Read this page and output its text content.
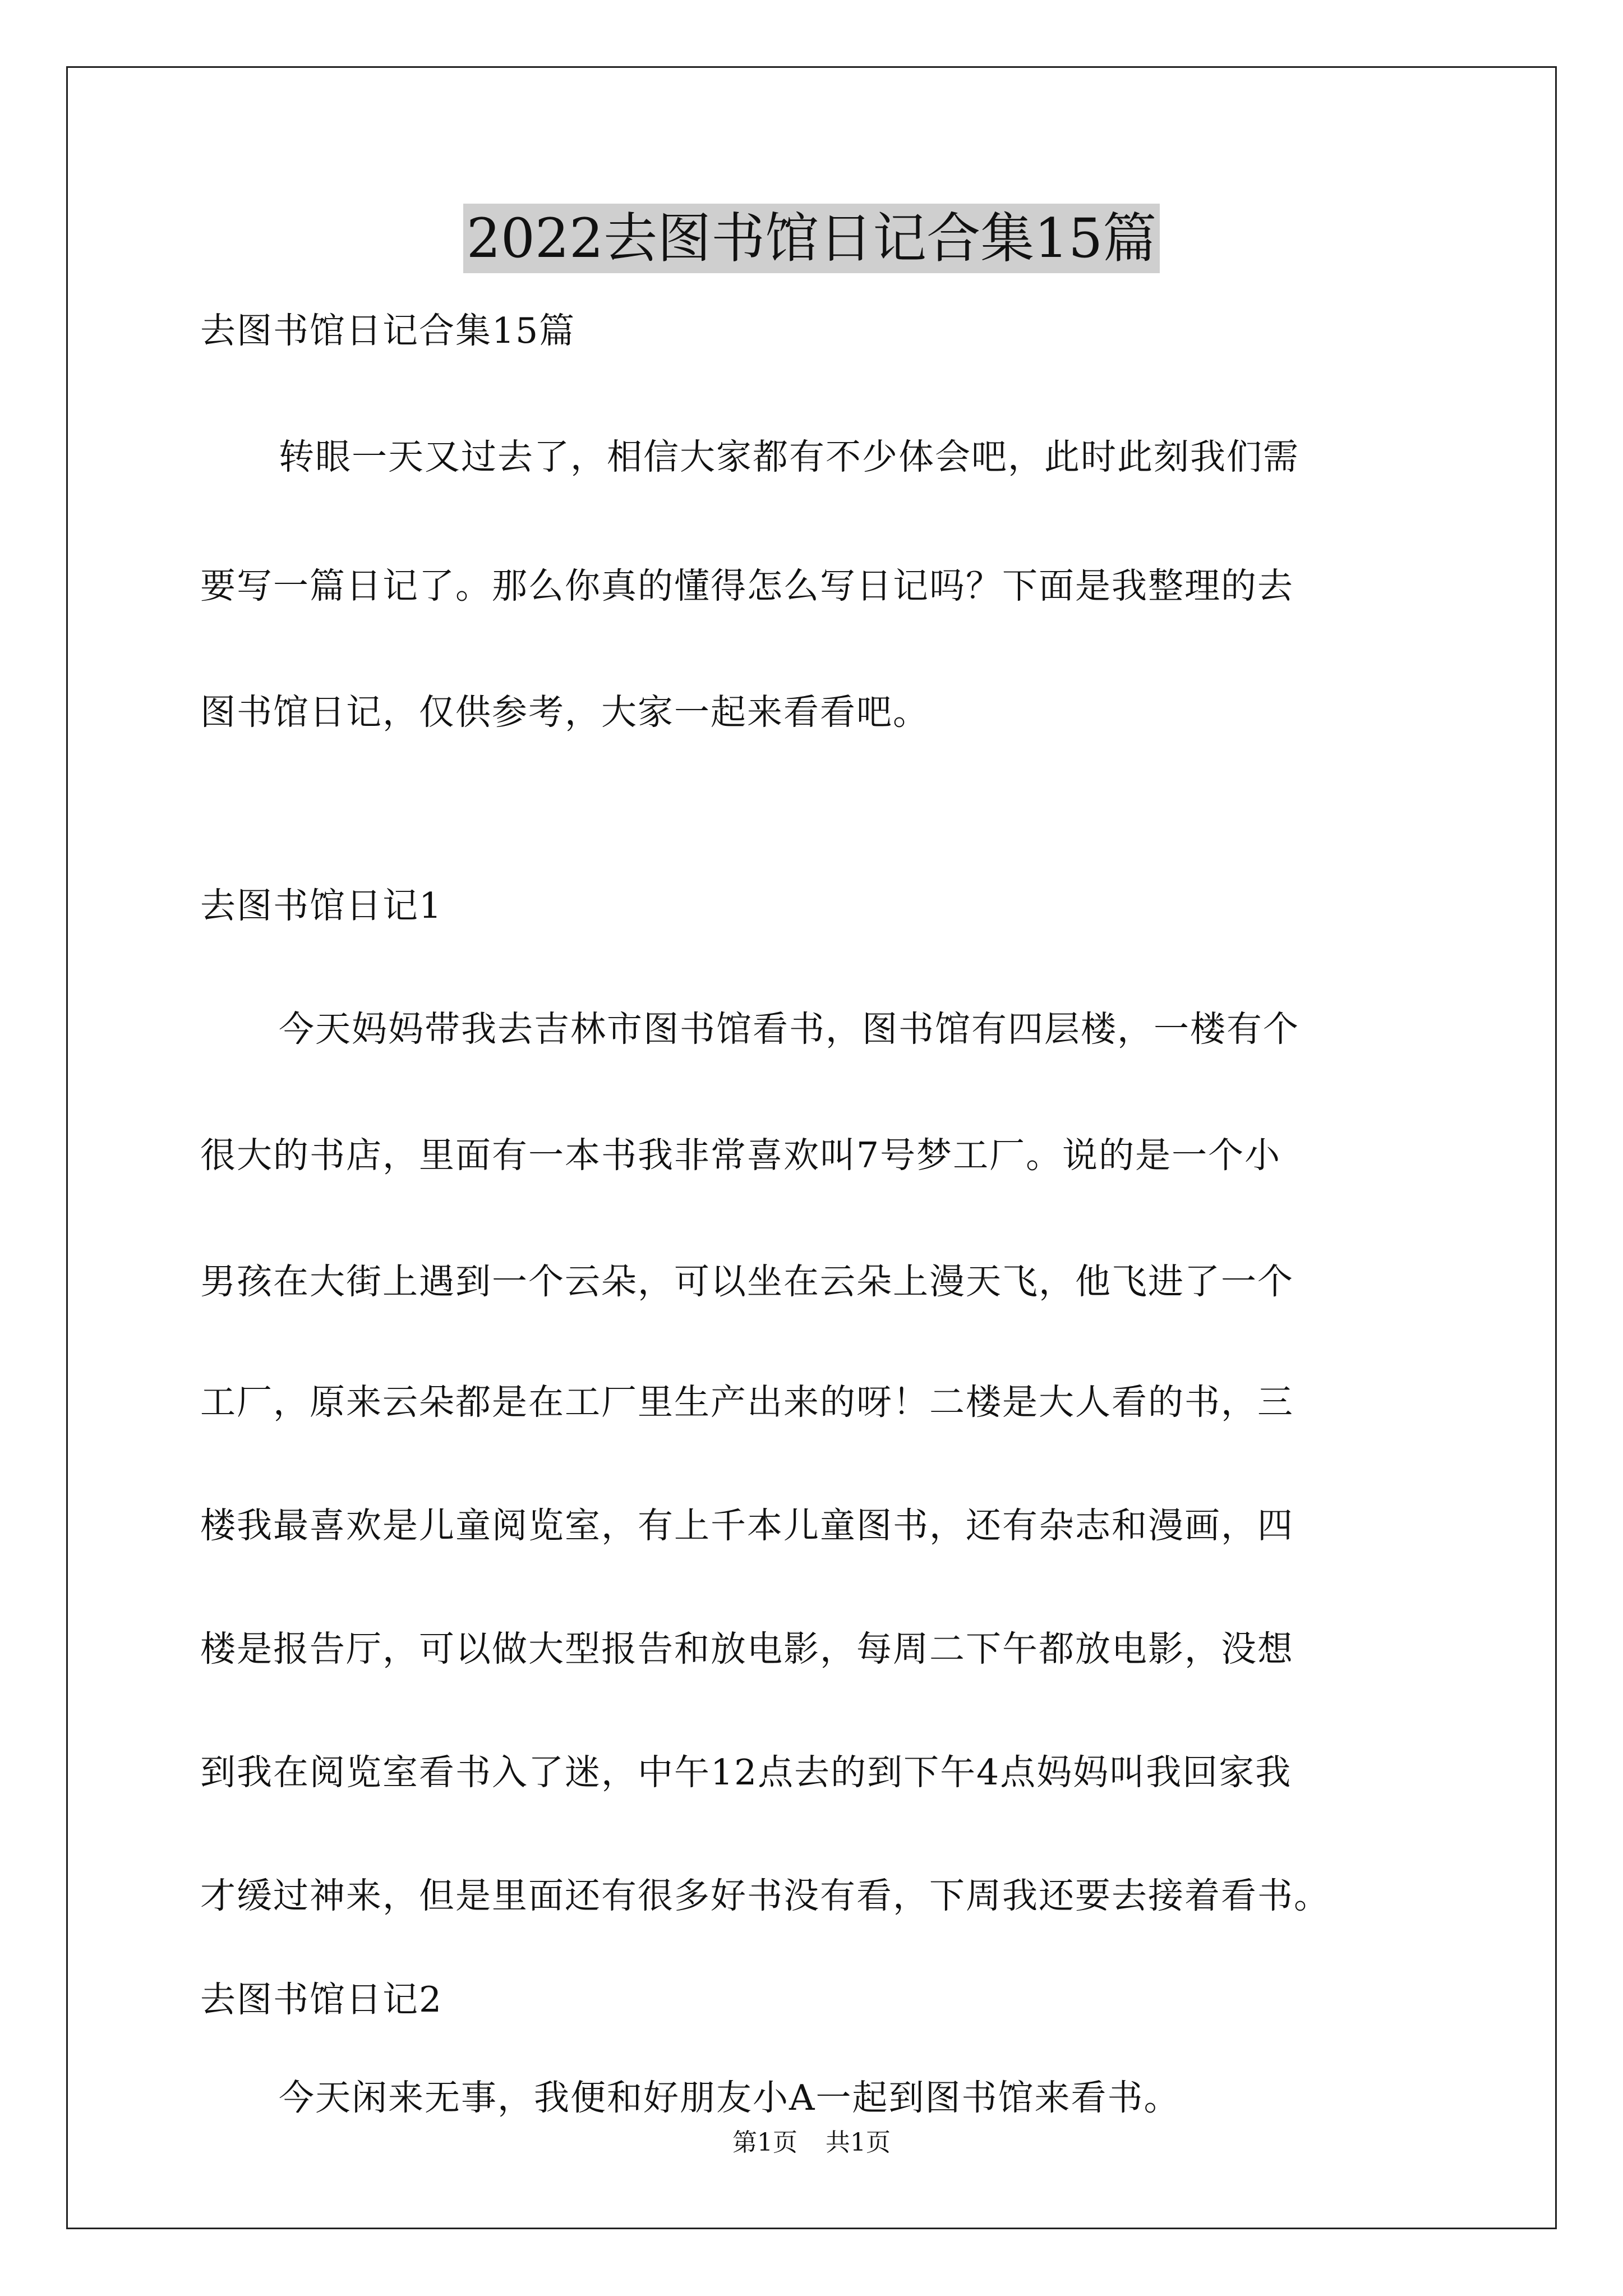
2022去图书馆日记合集15篇

去图书馆日记合集15篇

转眼一天又过去了，相信大家都有不少体会吧，此时此刻我们需

要写一篇日记了。那么你真的懂得怎么写日记吗？下面是我整理的去

图书馆日记，仅供参考，大家一起来看看吧。

去图书馆日记1

今天妈妈带我去吉林市图书馆看书，图书馆有四层楼，一楼有个

很大的书店，里面有一本书我非常喜欢叫7号梦工厂。说的是一个小

男孩在大街上遇到一个云朵，可以坐在云朵上漫天飞，他飞进了一个

工厂，原来云朵都是在工厂里生产出来的呀！二楼是大人看的书，三

楼我最喜欢是儿童阅览室，有上千本儿童图书，还有杂志和漫画，四

楼是报告厅，可以做大型报告和放电影，每周二下午都放电影，没想

到我在阅览室看书入了迷，中午12点去的到下午4点妈妈叫我回家我

才缓过神来，但是里面还有很多好书没有看，下周我还要去接着看书。

去图书馆日记2

今天闲来无事，我便和好朋友小A一起到图书馆来看书。

第1页 共1页
